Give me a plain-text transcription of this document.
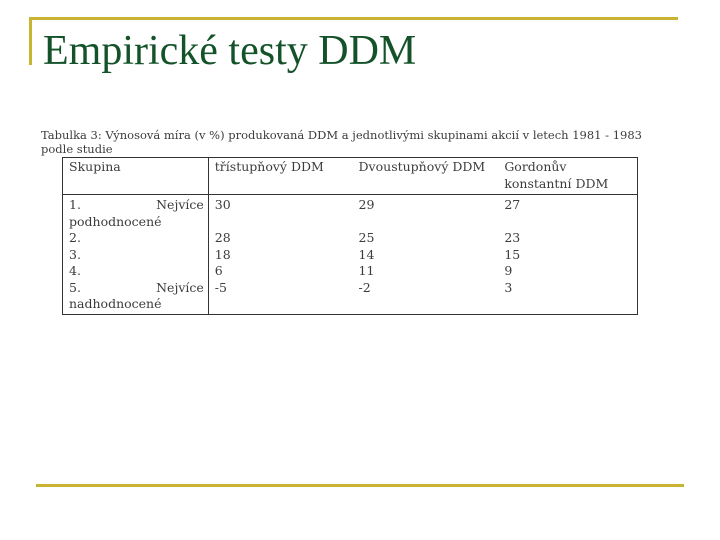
Empirické testy DDM

Tabulka 3: Výnosová míra (v %) produkovaná DDM a jednotlivými skupinami akcií v letech 1981 - 1983 podle studie

Skupina	třístupňový DDM	Dvoustupňový DDM	Gordonův konstantní DDM
1. Nejvíce podhodnocené	30	29	27
2.	28	25	23
3.	18	14	15
4.	6	11	9
5. Nejvíce nadhodnocené	-5	-2	3
